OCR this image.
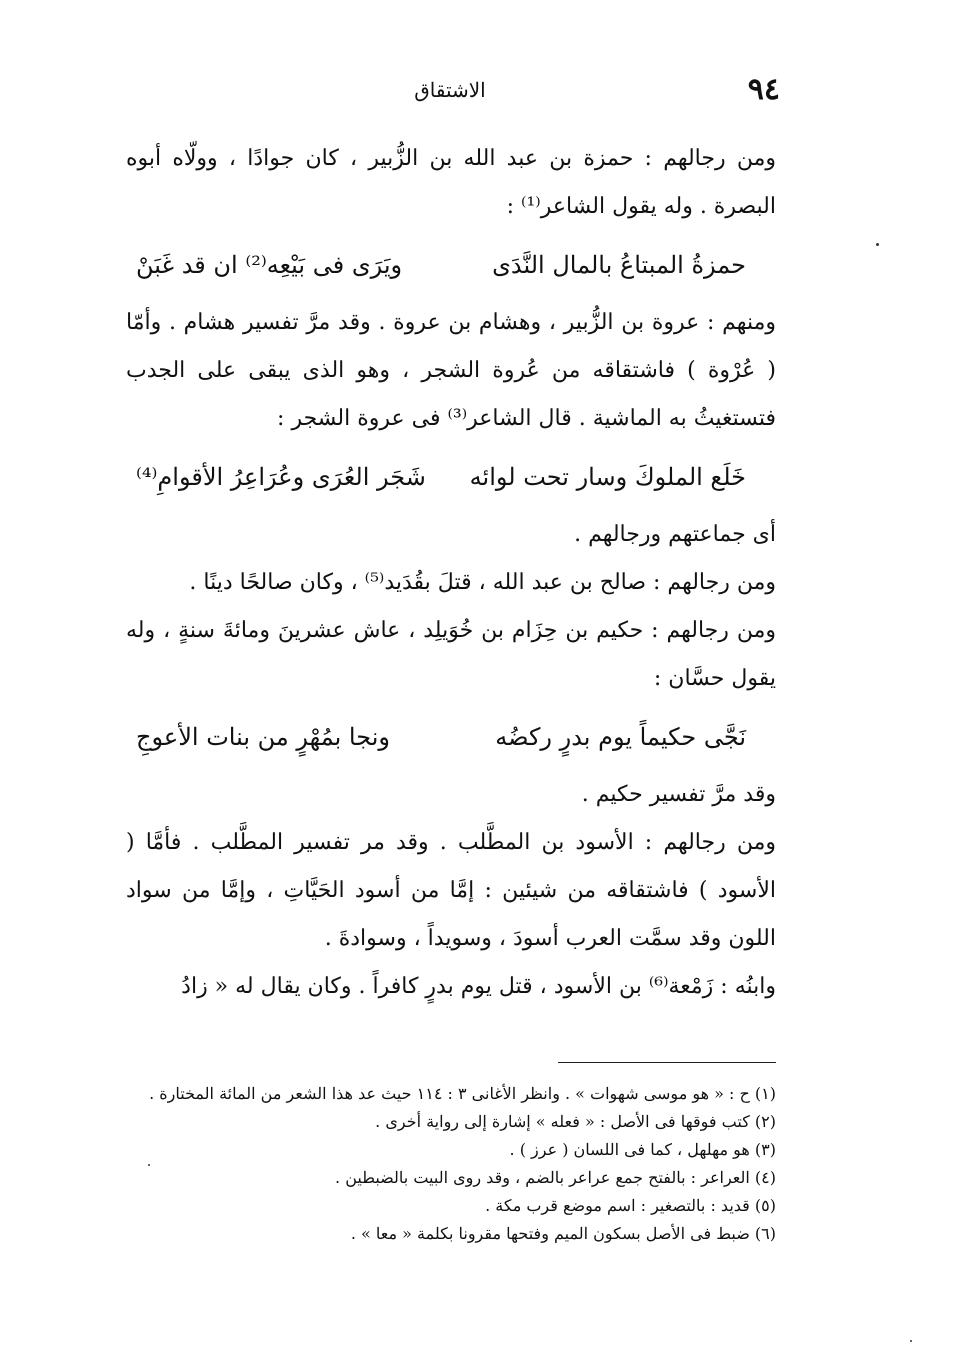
٩٤
الاشتقاق

ومن رجالهم : حمزة بن عبد الله بن الزُّبير ، كان جوادًا ، وولّاه أبوه البصرة . وله يقول الشاعر⁽¹⁾ :

حمزةُ المبتاعُ بالمال النَّدَى
ويَرَى فى بَيْعِه⁽²⁾ ان قد غَبَنْ

ومنهم : عروة بن الزُّبير ، وهشام بن عروة . وقد مرَّ تفسير هشام . وأمّا ( عُرْوة ) فاشتقاقه من عُروة الشجر ، وهو الذى يبقى على الجدب فتستغيثُ به الماشية . قال الشاعر⁽³⁾ فى عروة الشجر :

خَلَع الملوكَ وسار تحت لوائه
شَجَر العُرَى وعُرَاعِرُ الأقوامِ⁽⁴⁾

أى جماعتهم ورجالهم .

ومن رجالهم : صالح بن عبد الله ، قتلَ بقُدَيد⁽⁵⁾ ، وكان صالحًا دينًا .

ومن رجالهم : حكيم بن حِزَام بن خُوَيلِد ، عاش عشرينَ ومائةَ سنةٍ ، وله يقول حسَّان :

نَجَّى حكيماً يوم بدرٍ ركضُه
ونجا بمُهْرٍ من بنات الأعوجِ

وقد مرَّ تفسير حكيم .

ومن رجالهم : الأسود بن المطَّلب . وقد مر تفسير المطَّلب . فأمَّا ( الأسود ) فاشتقاقه من شيئين : إمَّا من أسود الحَيَّاتِ ، وإمَّا من سواد اللون وقد سمَّت العرب أسودَ ، وسويداً ، وسوادةَ .

وابنُه : زَمْعة⁽⁶⁾ بن الأسود ، قتل يوم بدرٍ كافراً . وكان يقال له « زادُ

(١) ح : « هو موسى شهوات » . وانظر الأغانى ٣ : ١١٤ حيث عد هذا الشعر من المائة المختارة .

(٢) كتب فوقها فى الأصل : « فعله » إشارة إلى رواية أخرى .

(٣) هو مهلهل ، كما فى اللسان ( عرز ) .

(٤) العراعر : بالفتح جمع عراعر بالضم ، وقد روى البيت بالضبطين .

(٥) قديد : بالتصغير : اسم موضع قرب مكة .

(٦) ضبط فى الأصل بسكون الميم وفتحها مقرونا بكلمة « معا » .
